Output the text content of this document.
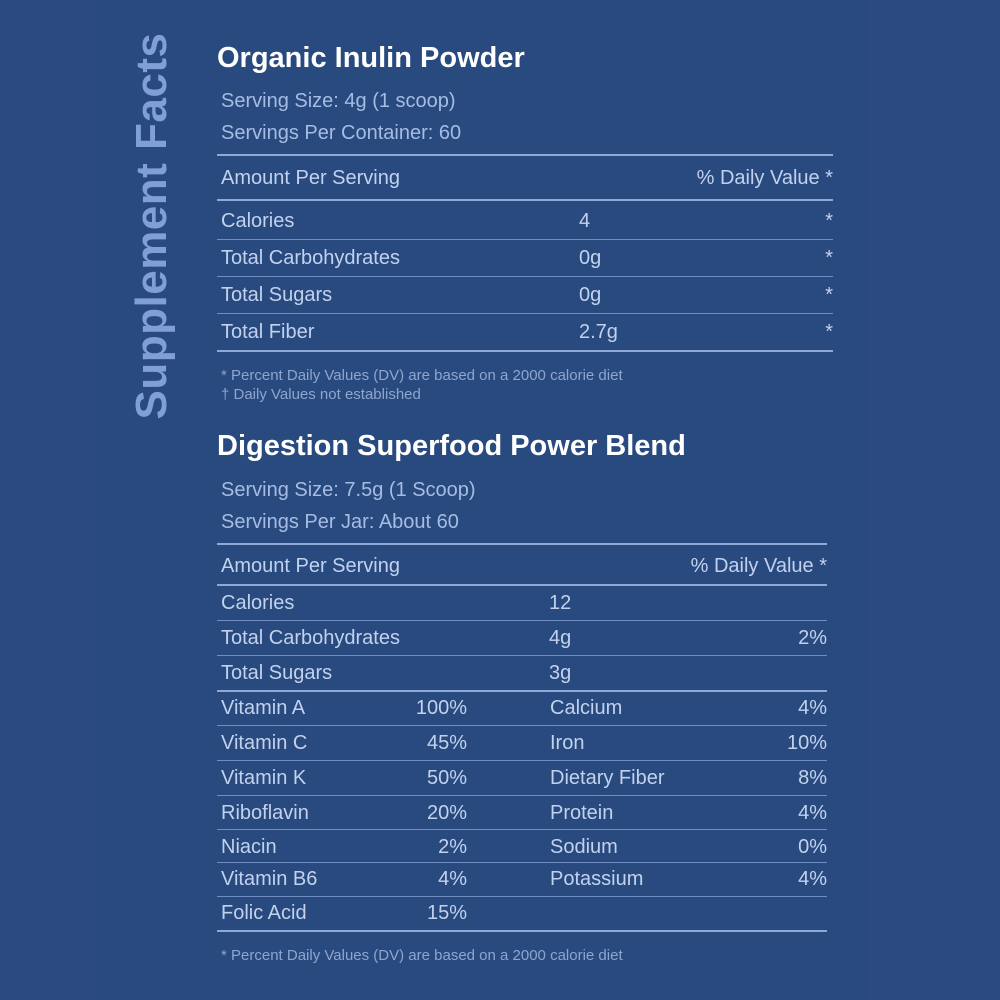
Supplement Facts Organic Inulin Powder
Serving Size: 4g (1 scoop)
Servings Per Container: 60
Amount Per Serving	% Daily Value *
Calories	4	*
Total Carbohydrates	0g	*
Total Sugars	0g	*
Total Fiber	2.7g	*
* Percent Daily Values (DV) are based on a 2000 calorie diet
† Daily Values not established
Digestion Superfood Power Blend
Serving Size: 7.5g (1 Scoop)
Servings Per Jar: About 60
Amount Per Serving	% Daily Value *
Calories	12
Total Carbohydrates	4g	2%
Total Sugars	3g
Vitamin A	100%	Calcium	4%
Vitamin C	45%	Iron	10%
Vitamin K	50%	Dietary Fiber	8%
Riboflavin	20%	Protein	4%
Niacin	2%	Sodium	0%
Vitamin B6	4%	Potassium	4%
Folic Acid	15%
* Percent Daily Values (DV) are based on a 2000 calorie diet
